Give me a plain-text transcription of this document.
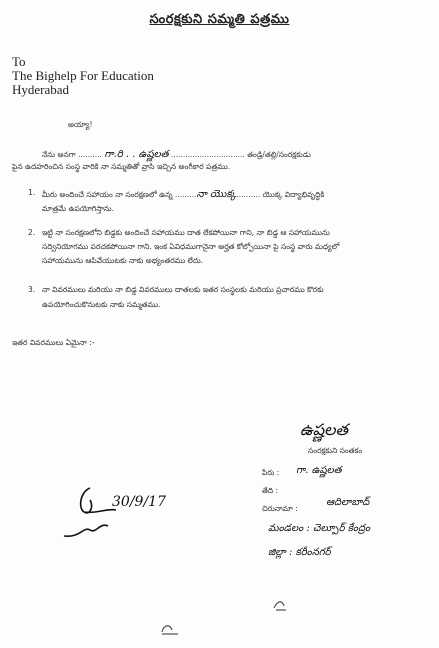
సంరక్షకుని సమ్మతి పత్రము
To
The Bighelp For Education
Hyderabad
అయ్యా!
నేను అనగా .......... గా.రి . . ఉష్ణలత ............................... తండ్రి/తల్లి/సంరక్షకుడు
పైన ఉదహరించిన సంస్థ వారికి నా సమ్మతితో వ్రాసి ఇచ్చిన అంగీకార పత్రము.
1. మీరు అందించే సహాయం నా సంరక్షణలో ఉన్న .........నా యొక్క.......... యొక్క విద్యాభివృద్ధికి
మాత్రమే ఉపయోగిస్తాను.
2. ఇట్టి నా సంరక్షణలోని బిడ్డకు అందించే సహాయము దాత లేకపోయినా గాని, నా బిడ్డ ఆ సహాయమును
సద్వినియోగము పరచకపోయినా గాని. ఇంక ఏవిధముగానైనా అర్హత కోల్పోయినా పై సంస్థ వారు మధ్యలో
సహాయమును ఆపివేయుటకు నాకు అభ్యంతరము లేదు.
3. నా వివరములు మరియు నా బిడ్డ వివరములు దాతలకు ఇతర సంస్థలకు మరియు ప్రచారము కొరకు
ఉపయోగించుకొనుటకు నాకు సమ్మతము.
ఇతర వివరములు ఏమైనా :-
ఉష్ణలత
సంరక్షకుని సంతకం
పేరు : గా. ఉష్ణలత
తేది :
చిరునామా :
ఆదిలాబాద్
మండలం : చెల్పూర్ కేంద్రం
జిల్లా : కరీంనగర్
30/9/17
